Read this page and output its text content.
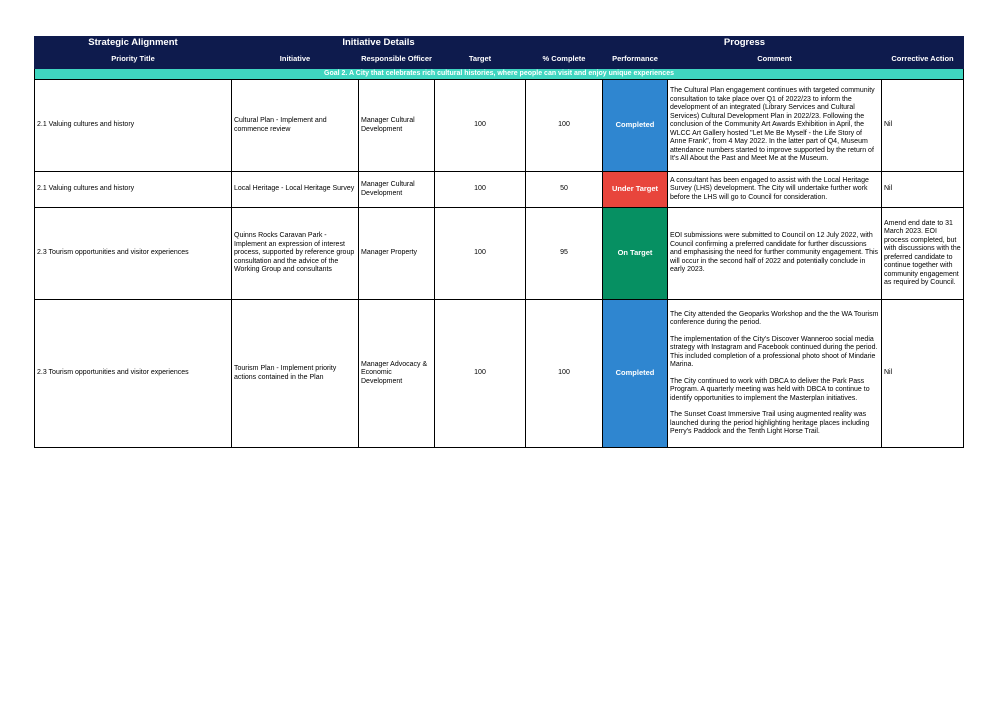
Strategic Alignment	Initiative Details			Progress			
Priority Title	Initiative	Responsible Officer	Target	% Complete	Performance	Comment	Corrective Action
Goal 2. A City that celebrates rich cultural histories, where people can visit and enjoy unique experiences							
2.1 Valuing cultures and history	Cultural Plan - Implement and commence review	Manager Cultural Development	100	100	Completed	The Cultural Plan engagement continues with targeted community consultation to take place over Q1 of 2022/23 to inform the development of an integrated (Library Services and Cultural Services) Cultural Development Plan in 2022/23. Following the conclusion of the Community Art Awards Exhibition in April, the WLCC Art Gallery hosted "Let Me Be Myself - the Life Story of Anne Frank", from 4 May 2022. In the latter part of Q4, Museum attendance numbers started to improve supported by the return of It's All About the Past and Meet Me at the Museum.	Nil
2.1 Valuing cultures and history	Local Heritage - Local Heritage Survey	Manager Cultural Development	100	50	Under Target	A consultant has been engaged to assist with the Local Heritage Survey (LHS) development. The City will undertake further work before the LHS will go to Council for consideration.	Nil
2.3 Tourism opportunities and visitor experiences	Quinns Rocks Caravan Park - Implement an expression of interest process, supported by reference group consultation and the advice of the Working Group and consultants	Manager Property	100	95	On Target	EOI submissions were submitted to Council on 12 July 2022, with Council confirming a preferred candidate for further discussions and emphasising the need for further community engagement. This will occur in the second half of 2022 and potentially conclude in early 2023.	Amend end date to 31 March 2023. EOI process completed, but with discussions with the preferred candidate to continue together with community engagement as required by Council.
2.3 Tourism opportunities and visitor experiences	Tourism Plan - Implement priority actions contained in the Plan	Manager Advocacy & Economic Development	100	100	Completed	The City attended the Geoparks Workshop and the the WA Tourism conference during the period.

The implementation of the City's Discover Wanneroo social media strategy with Instagram and Facebook continued during the period. This included completion of a professional photo shoot of Mindarie Marina.

The City continued to work with DBCA to deliver the Park Pass Program. A quarterly meeting was held with DBCA to continue to identify opportunities to implement the Masterplan initiatives.

The Sunset Coast Immersive Trail using augmented reality was launched during the period highlighting heritage places including Perry's Paddock and the Tenth Light Horse Trail.	Nil
